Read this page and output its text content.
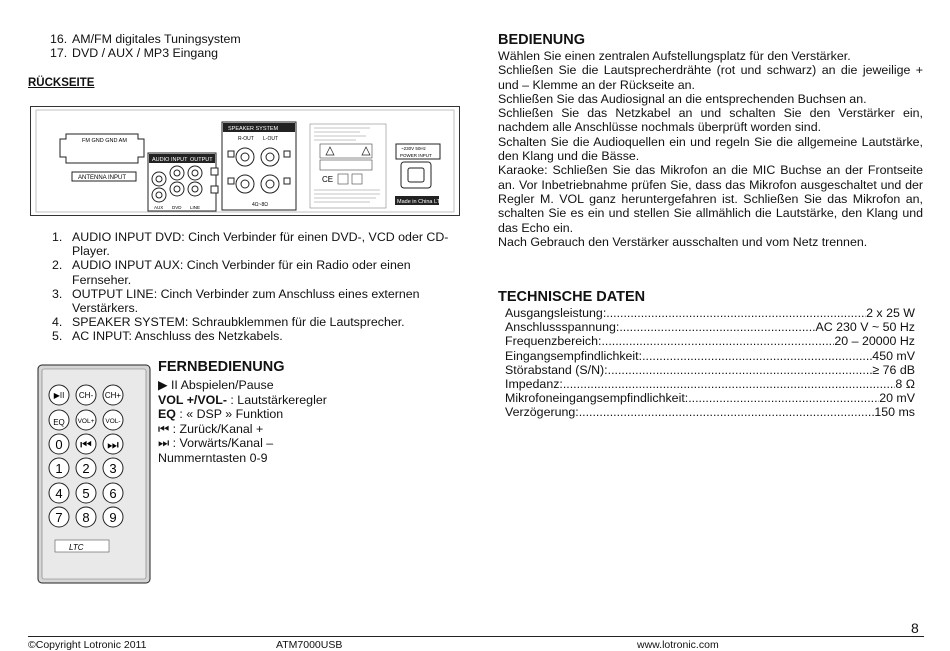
16. AM/FM digitales Tuningsystem
17. DVD / AUX / MP3 Eingang
RÜCKSEITE
FM GND GND AM
ANTENNA INPUT
AUDIO INPUT OUTPUT
AUX DVD LINE
SPEAKER SYSTEM
R-OUT L-OUT
4Ω~8Ω
CE
~230V 50Hz
POWER INPUT
Made in China LTC
1. AUDIO INPUT DVD: Cinch Verbinder für einen DVD-, VCD oder CD-Player.
2. AUDIO INPUT AUX: Cinch Verbinder für ein Radio oder einen Fernseher.
3. OUTPUT LINE: Cinch Verbinder zum Anschluss eines externen Verstärkers.
4. SPEAKER SYSTEM: Schraubklemmen für die Lautsprecher.
5. AC INPUT: Anschluss des Netzkabels.
▶II CH- CH+
EQ VOL+ VOL-
0 ⏮ ⏭
1 2 3
4 5 6
7 8 9
LTC
FERNBEDIENUNG
▶ II Abspielen/Pause
VOL +/VOL- : Lautstärkeregler
EQ : « DSP » Funktion
⏮ : Zurück/Kanal +
⏭ : Vorwärts/Kanal –
Nummerntasten 0-9
BEDIENUNG

Wählen Sie einen zentralen Aufstellungsplatz für den Verstärker.

Schließen Sie die Lautsprecherdrähte (rot und schwarz) an die jeweilige + und – Klemme an der Rückseite an.

Schließen Sie das Audiosignal an die entsprechenden Buchsen an.

Schließen Sie das Netzkabel an und schalten Sie den Verstärker ein, nachdem alle Anschlüsse nochmals überprüft worden sind.

Schalten Sie die Audioquellen ein und regeln Sie die allgemeine Lautstärke, den Klang und die Bässe.

Karaoke: Schließen Sie das Mikrofon an die MIC Buchse an der Frontseite an. Vor Inbetriebnahme prüfen Sie, dass das Mikrofon ausgeschaltet und der Regler M. VOL ganz heruntergefahren ist. Schließen Sie das Mikrofon an, schalten Sie es ein und stellen Sie allmählich die Lautstärke, den Klang und das Echo ein.

Nach Gebrauch den Verstärker ausschalten und vom Netz trennen.

TECHNISCHE DATEN
Ausgangsleistung: .....	2 x 25 W
Anschlussspannung: .....	AC 230 V ~ 50 Hz
Frequenzbereich: .....	20 – 20000 Hz
Eingangsempfindlichkeit: .....	450 mV
Störabstand (S/N): .....	≥ 76 dB
Impedanz: .....	8 Ω
Mikrofoneingangsempfindlichkeit: .....	20 mV
Verzögerung: .....	150 ms
8
©Copyright Lotronic 2011	ATM7000USB	www.lotronic.com
